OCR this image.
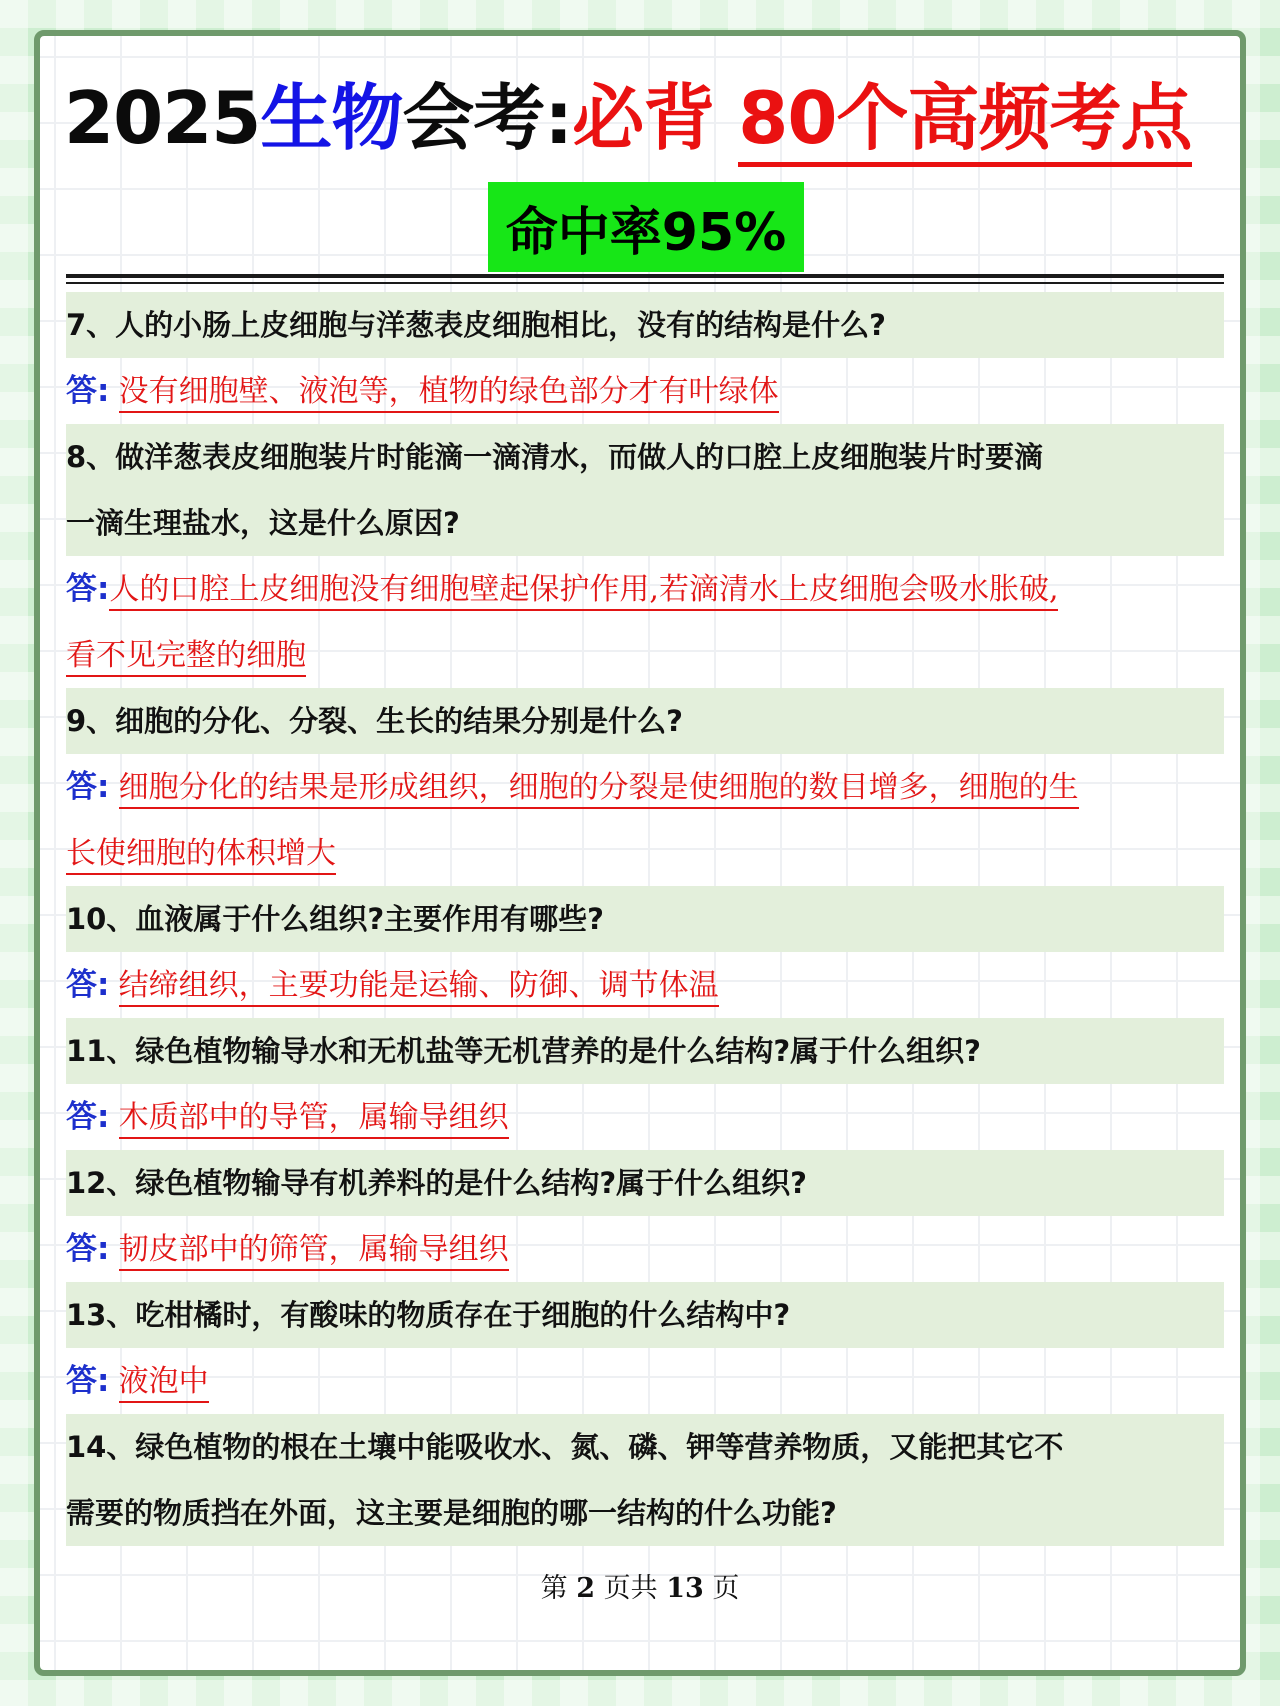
2025生物会考:必背 80个高频考点
命中率95%
7、人的小肠上皮细胞与洋葱表皮细胞相比，没有的结构是什么?
答: 没有细胞壁、液泡等，植物的绿色部分才有叶绿体
8、做洋葱表皮细胞装片时能滴一滴清水，而做人的口腔上皮细胞装片时要滴
一滴生理盐水，这是什么原因?
答:人的口腔上皮细胞没有细胞壁起保护作用,若滴清水上皮细胞会吸水胀破,
看不见完整的细胞
9、细胞的分化、分裂、生长的结果分别是什么?
答: 细胞分化的结果是形成组织，细胞的分裂是使细胞的数目增多，细胞的生
长使细胞的体积增大
10、血液属于什么组织?主要作用有哪些?
答: 结缔组织，主要功能是运输、防御、调节体温
11、绿色植物输导水和无机盐等无机营养的是什么结构?属于什么组织?
答: 木质部中的导管，属输导组织
12、绿色植物输导有机养料的是什么结构?属于什么组织?
答: 韧皮部中的筛管，属输导组织
13、吃柑橘时，有酸味的物质存在于细胞的什么结构中?
答: 液泡中
14、绿色植物的根在土壤中能吸收水、氮、磷、钾等营养物质，又能把其它不
需要的物质挡在外面，这主要是细胞的哪一结构的什么功能?
第 2 页共 13 页
